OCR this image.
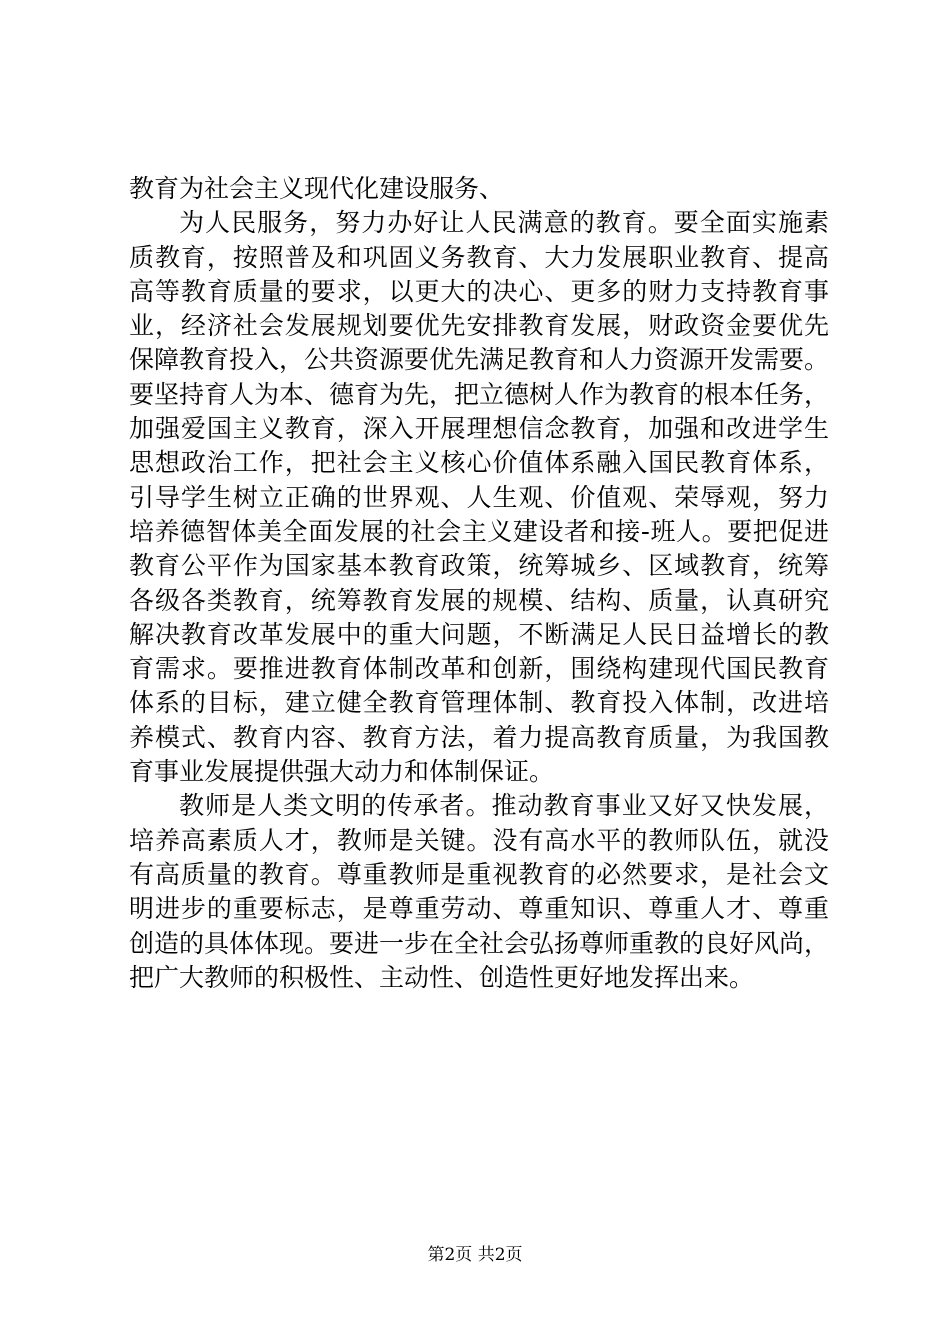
教育为社会主义现代化建设服务、
为人民服务，努力办好让人民满意的教育。要全面实施素
质教育，按照普及和巩固义务教育、大力发展职业教育、提高
高等教育质量的要求，以更大的决心、更多的财力支持教育事
业，经济社会发展规划要优先安排教育发展，财政资金要优先
保障教育投入，公共资源要优先满足教育和人力资源开发需要。
要坚持育人为本、德育为先，把立德树人作为教育的根本任务，
加强爱国主义教育，深入开展理想信念教育，加强和改进学生
思想政治工作，把社会主义核心价值体系融入国民教育体系，
引导学生树立正确的世界观、人生观、价值观、荣辱观，努力
培养德智体美全面发展的社会主义建设者和接-班人。要把促进
教育公平作为国家基本教育政策，统筹城乡、区域教育，统筹
各级各类教育，统筹教育发展的规模、结构、质量，认真研究
解决教育改革发展中的重大问题，不断满足人民日益增长的教
育需求。要推进教育体制改革和创新，围绕构建现代国民教育
体系的目标，建立健全教育管理体制、教育投入体制，改进培
养模式、教育内容、教育方法，着力提高教育质量，为我国教
育事业发展提供强大动力和体制保证。
教师是人类文明的传承者。推动教育事业又好又快发展，
培养高素质人才，教师是关键。没有高水平的教师队伍，就没
有高质量的教育。尊重教师是重视教育的必然要求，是社会文
明进步的重要标志，是尊重劳动、尊重知识、尊重人才、尊重
创造的具体体现。要进一步在全社会弘扬尊师重教的良好风尚，
把广大教师的积极性、主动性、创造性更好地发挥出来。
第2页 共2页
